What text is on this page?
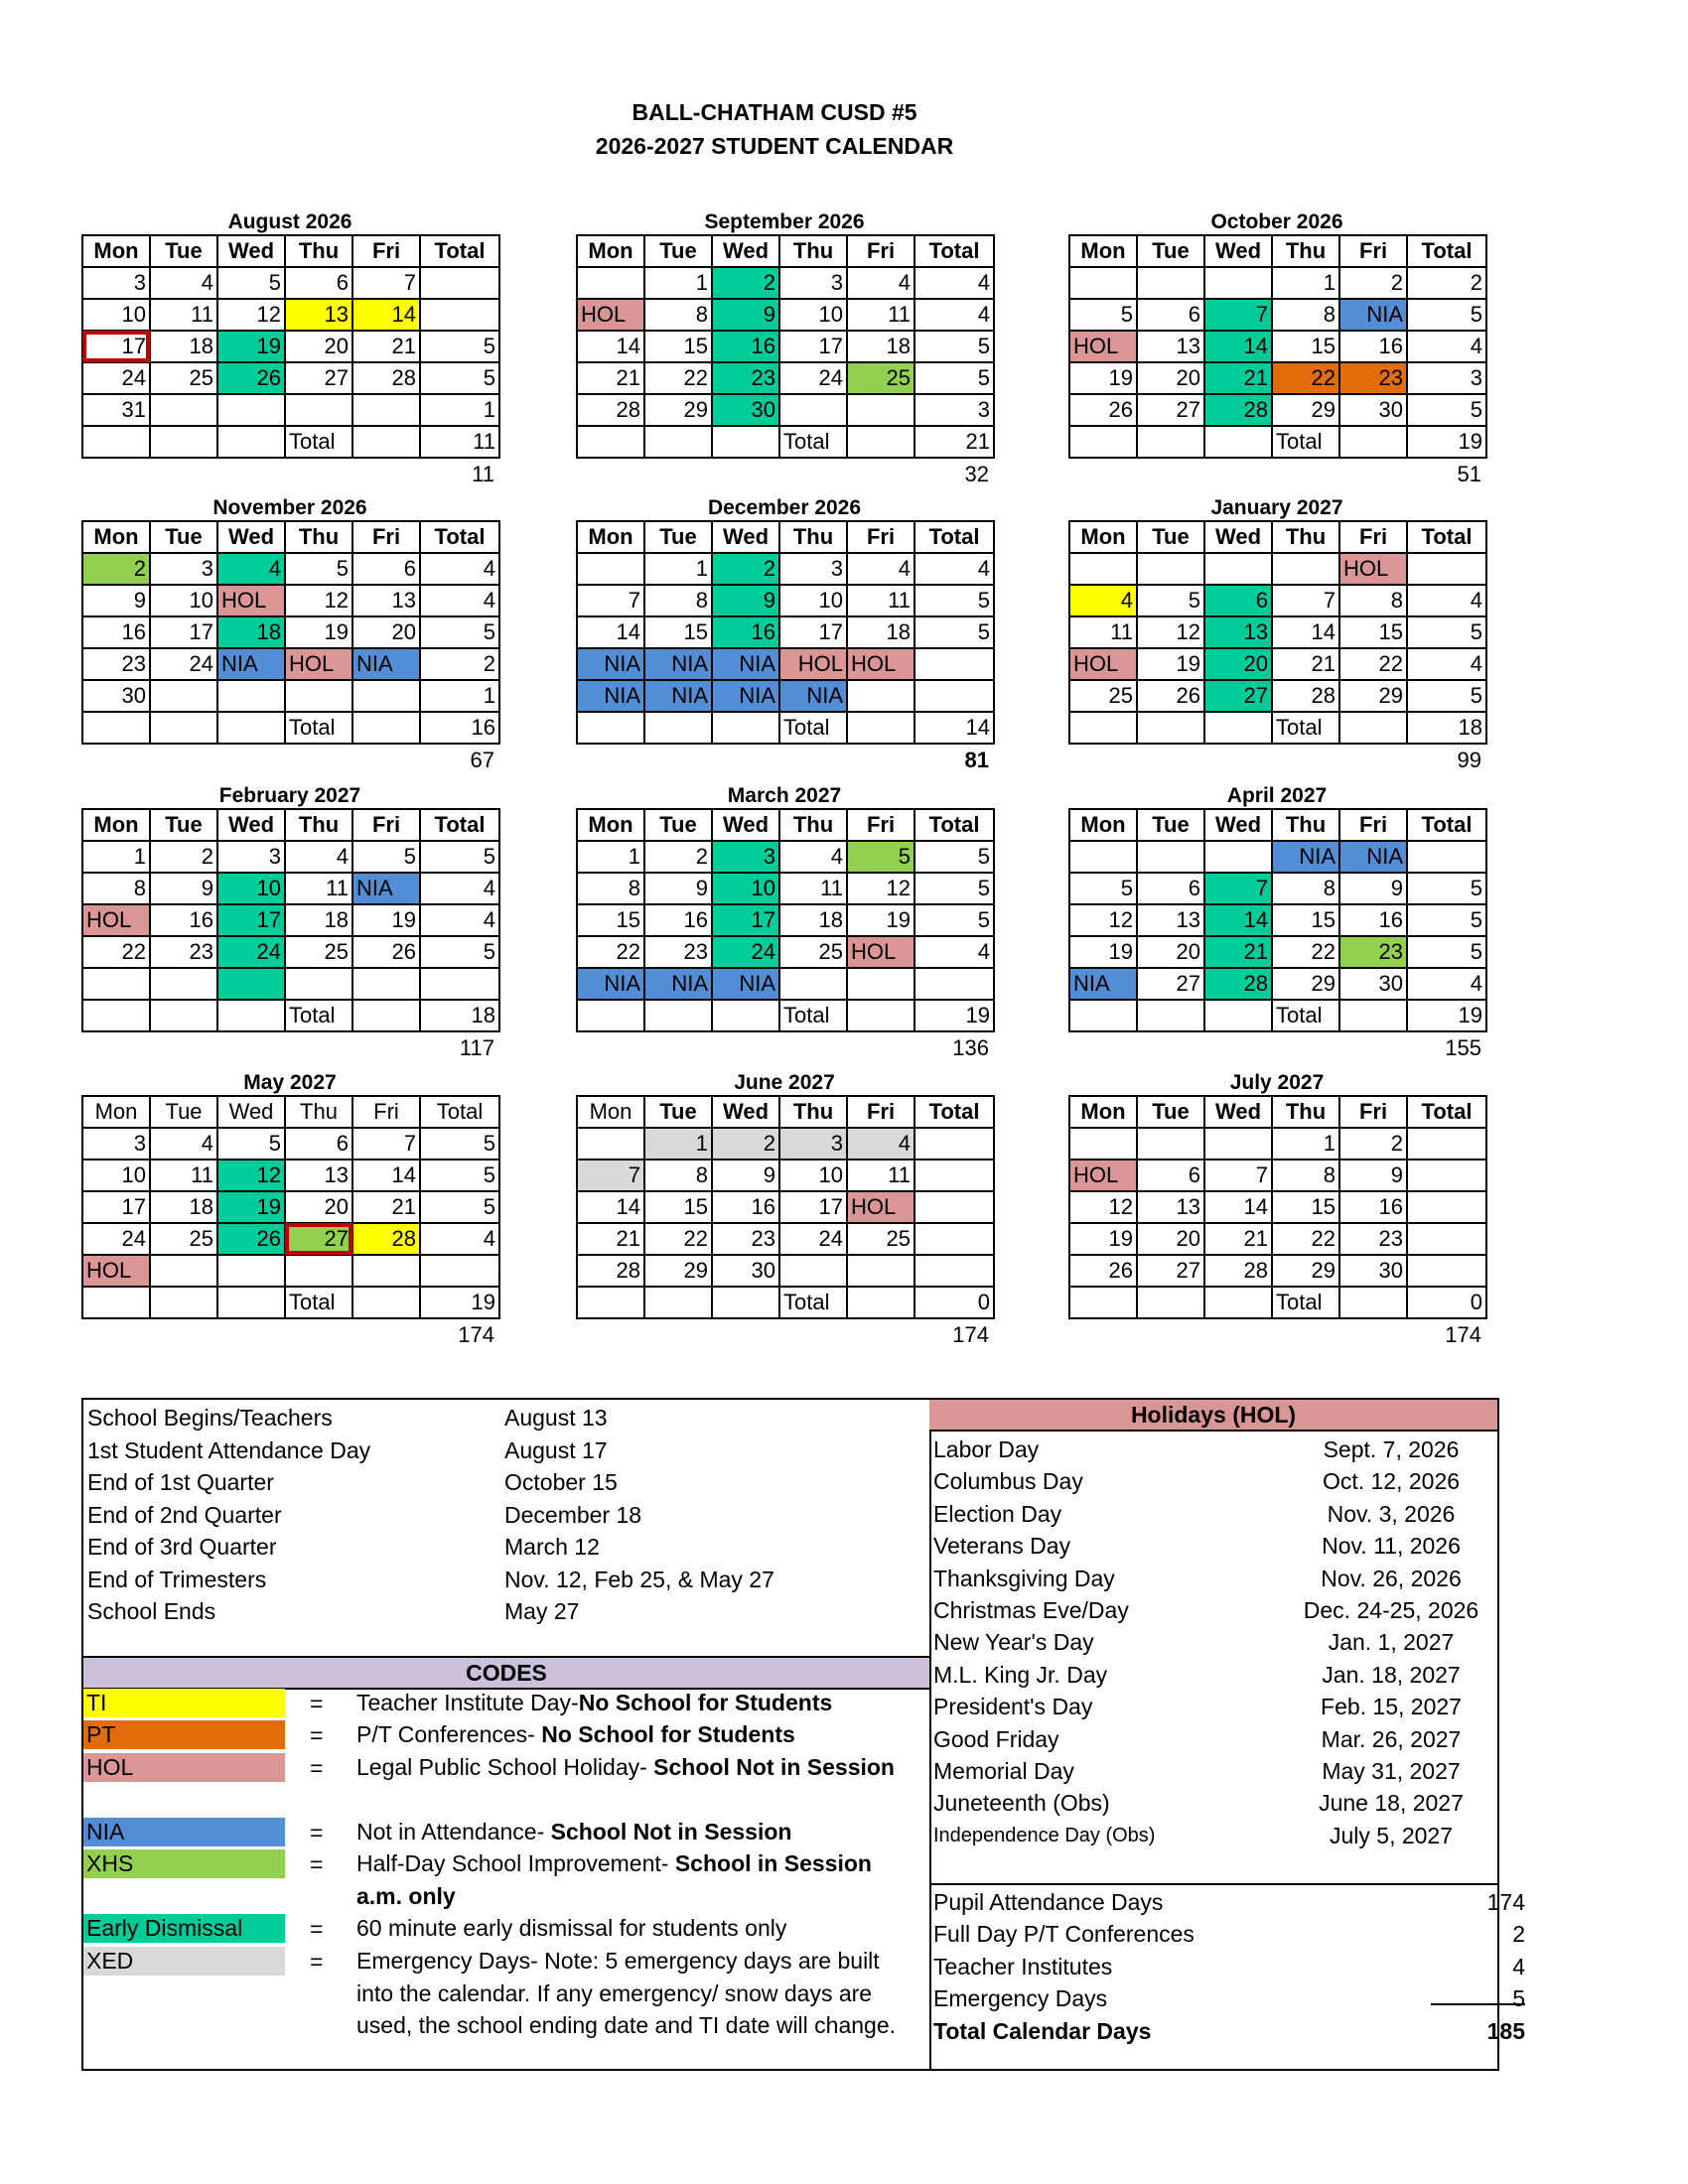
BALL-CHATHAM CUSD #5
2026-2027 STUDENT CALENDAR
August 2026
Mon	Tue	Wed	Thu	Fri	Total
3	4	5	6	7	
10	11	12	13	14	
17	18	19	20	21	5
24	25	26	27	28	5
31					1
			Total		11
11
September 2026
Mon	Tue	Wed	Thu	Fri	Total
	1	2	3	4	4
HOL	8	9	10	11	4
14	15	16	17	18	5
21	22	23	24	25	5
28	29	30			3
			Total		21
32
October 2026
Mon	Tue	Wed	Thu	Fri	Total
			1	2	2
5	6	7	8	NIA	5
HOL	13	14	15	16	4
19	20	21	22	23	3
26	27	28	29	30	5
			Total		19
51
November 2026
Mon	Tue	Wed	Thu	Fri	Total
2	3	4	5	6	4
9	10	HOL	12	13	4
16	17	18	19	20	5
23	24	NIA	HOL	NIA	2
30					1
			Total		16
67
December 2026
Mon	Tue	Wed	Thu	Fri	Total
	1	2	3	4	4
7	8	9	10	11	5
14	15	16	17	18	5
NIA	NIA	NIA	HOL	HOL	
NIA	NIA	NIA	NIA		
			Total		14
81
January 2027
Mon	Tue	Wed	Thu	Fri	Total
				HOL	
4	5	6	7	8	4
11	12	13	14	15	5
HOL	19	20	21	22	4
25	26	27	28	29	5
			Total		18
99
February 2027
Mon	Tue	Wed	Thu	Fri	Total
1	2	3	4	5	5
8	9	10	11	NIA	4
HOL	16	17	18	19	4
22	23	24	25	26	5

			Total		18
117
March 2027
Mon	Tue	Wed	Thu	Fri	Total
1	2	3	4	5	5
8	9	10	11	12	5
15	16	17	18	19	5
22	23	24	25	HOL	4
NIA	NIA	NIA			
			Total		19
136
April 2027
Mon	Tue	Wed	Thu	Fri	Total
			NIA	NIA	
5	6	7	8	9	5
12	13	14	15	16	5
19	20	21	22	23	5
NIA	27	28	29	30	4
			Total		19
155
May 2027
Mon	Tue	Wed	Thu	Fri	Total
3	4	5	6	7	5
10	11	12	13	14	5
17	18	19	20	21	5
24	25	26	27	28	4
HOL					
			Total		19
174
June 2027
Mon	Tue	Wed	Thu	Fri	Total
	1	2	3	4	
7	8	9	10	11	
14	15	16	17	HOL	
21	22	23	24	25	
28	29	30			
			Total		0
174
July 2027
Mon	Tue	Wed	Thu	Fri	Total
			1	2	
HOL	6	7	8	9	
12	13	14	15	16	
19	20	21	22	23	
26	27	28	29	30	
			Total		0
174
School Begins/Teachers	August 13
1st Student Attendance Day	August 17
End of 1st Quarter	October 15
End of 2nd Quarter	December 18
End of 3rd Quarter	March 12
End of Trimesters	Nov. 12, Feb 25, & May 27
School Ends	May 27
CODES
TI	= Teacher Institute Day-No School for Students
PT	= P/T Conferences- No School for Students
HOL	= Legal Public School Holiday- School Not in Session
NIA	= Not in Attendance- School Not in Session
XHS	= Half-Day School Improvement- School in Session a.m. only
Early Dismissal	= 60 minute early dismissal for students only
XED	= Emergency Days- Note: 5 emergency days are built into the calendar. If any emergency/ snow days are used, the school ending date and TI date will change.
Holidays (HOL)
Labor Day	Sept. 7, 2026
Columbus Day	Oct. 12, 2026
Election Day	Nov. 3, 2026
Veterans Day	Nov. 11, 2026
Thanksgiving Day	Nov. 26, 2026
Christmas Eve/Day	Dec. 24-25, 2026
New Year's Day	Jan. 1, 2027
M.L. King Jr. Day	Jan. 18, 2027
President's Day	Feb. 15, 2027
Good Friday	Mar. 26, 2027
Memorial Day	May 31, 2027
Juneteenth (Obs)	June 18, 2027
Independence Day (Obs)	July 5, 2027
Pupil Attendance Days	174
Full Day P/T Conferences	2
Teacher Institutes	4
Emergency Days	5
Total Calendar Days	185
